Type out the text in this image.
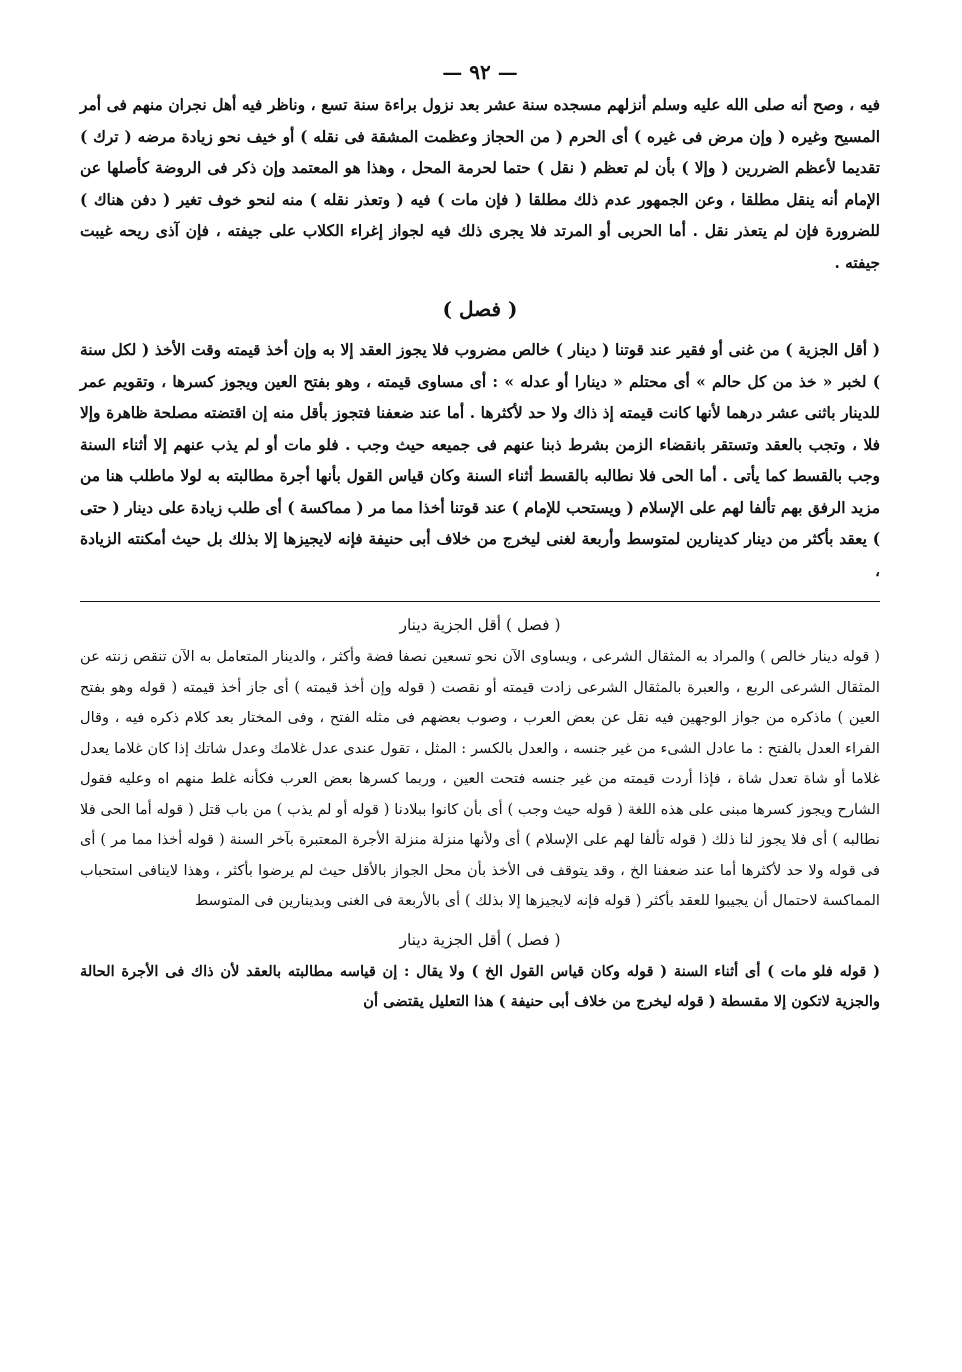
— ٩٢ —

فيه ، وصح أنه صلى الله عليه وسلم أنزلهم مسجده سنة عشر بعد نزول براءة سنة تسع ، وناظر فيه أهل نجران منهم فى أمر المسيح وغيره ( وإن مرض فى غيره ) أى الحرم ( من الحجاز وعظمت المشقة فى نقله ) أو خيف نحو زيادة مرضه ( ترك ) تقديما لأعظم الضررين ( وإلا ) بأن لم تعظم ( نقل ) حتما لحرمة المحل ، وهذا هو المعتمد وإن ذكر فى الروضة كأصلها عن الإمام أنه ينقل مطلقا ، وعن الجمهور عدم ذلك مطلقا ( فإن مات ) فيه ( وتعذر نقله ) منه لنحو خوف تغير ( دفن هناك ) للضرورة فإن لم يتعذر نقل . أما الحربى أو المرتد فلا يجرى ذلك فيه لجواز إغراء الكلاب على جيفته ، فإن آذى ريحه غيبت جيفته .

( فصل )

( أقل الجزية ) من غنى أو فقير عند قوتنا ( دينار ) خالص مضروب فلا يجوز العقد إلا به وإن أخذ قيمته وقت الأخذ ( لكل سنة ) لخبر « خذ من كل حالم » أى محتلم « دينارا أو عدله » : أى مساوى قيمته ، وهو بفتح العين ويجوز كسرها ، وتقويم عمر للدينار باثنى عشر درهما لأنها كانت قيمته إذ ذاك ولا حد لأكثرها . أما عند ضعفنا فتجوز بأقل منه إن اقتضته مصلحة ظاهرة وإلا فلا ، وتجب بالعقد وتستقر بانقضاء الزمن بشرط ذبنا عنهم فى جميعه حيث وجب . فلو مات أو لم يذب عنهم إلا أثناء السنة وجب بالقسط كما يأتى . أما الحى فلا نطالبه بالقسط أثناء السنة وكان قياس القول بأنها أجرة مطالبته به لولا ماطلب هنا من مزيد الرفق بهم تألفا لهم على الإسلام ( ويستحب للإمام ) عند قوتنا أخذا مما مر ( مماكسة ) أى طلب زيادة على دينار ( حتى ) يعقد بأكثر من دينار كدينارين لمتوسط وأربعة لغنى ليخرج من خلاف أبى حنيفة فإنه لايجيزها إلا بذلك بل حيث أمكنته الزيادة ،

( فصل ) أقل الجزية دينار

( قوله دينار خالص ) والمراد به المثقال الشرعى ، ويساوى الآن نحو تسعين نصفا فضة وأكثر ، والدينار المتعامل به الآن تنقص زنته عن المثقال الشرعى الربع ، والعبرة بالمثقال الشرعى زادت قيمته أو نقصت ( قوله وإن أخذ قيمته ) أى جاز أخذ قيمته ( قوله وهو بفتح العين ) ماذكره من جواز الوجهين فيه نقل عن بعض العرب ، وصوب بعضهم فى مثله الفتح ، وفى المختار بعد كلام ذكره فيه ، وقال الفراء العدل بالفتح : ما عادل الشىء من غير جنسه ، والعدل بالكسر : المثل ، تقول عندى عدل غلامك وعدل شاتك إذا كان غلاما يعدل غلاما أو شاة تعدل شاة ، فإذا أردت قيمته من غير جنسه فتحت العين ، وربما كسرها بعض العرب فكأنه غلط منهم اه وعليه فقول الشارح ويجوز كسرها مبنى على هذه اللغة ( قوله حيث وجب ) أى بأن كانوا ببلادنا ( قوله أو لم يذب ) من باب قتل ( قوله أما الحى فلا نطالبه ) أى فلا يجوز لنا ذلك ( قوله تألفا لهم على الإسلام ) أى ولأنها منزلة منزلة الأجرة المعتبرة بآخر السنة ( قوله أخذا مما مر ) أى فى قوله ولا حد لأكثرها أما عند ضعفنا الخ ، وقد يتوقف فى الأخذ بأن محل الجواز بالأقل حيث لم يرضوا بأكثر ، وهذا لاينافى استحباب المماكسة لاحتمال أن يجيبوا للعقد بأكثر ( قوله فإنه لايجيزها إلا بذلك ) أى بالأربعة فى الغنى وبدينارين فى المتوسط

( فصل ) أقل الجزية دينار

( قوله فلو مات ) أى أثناء السنة ( قوله وكان قياس القول الخ ) ولا يقال : إن قياسه مطالبته بالعقد لأن ذاك فى الأجرة الحالة والجزية لاتكون إلا مقسطة ( قوله ليخرج من خلاف أبى حنيفة ) هذا التعليل يقتضى أن
